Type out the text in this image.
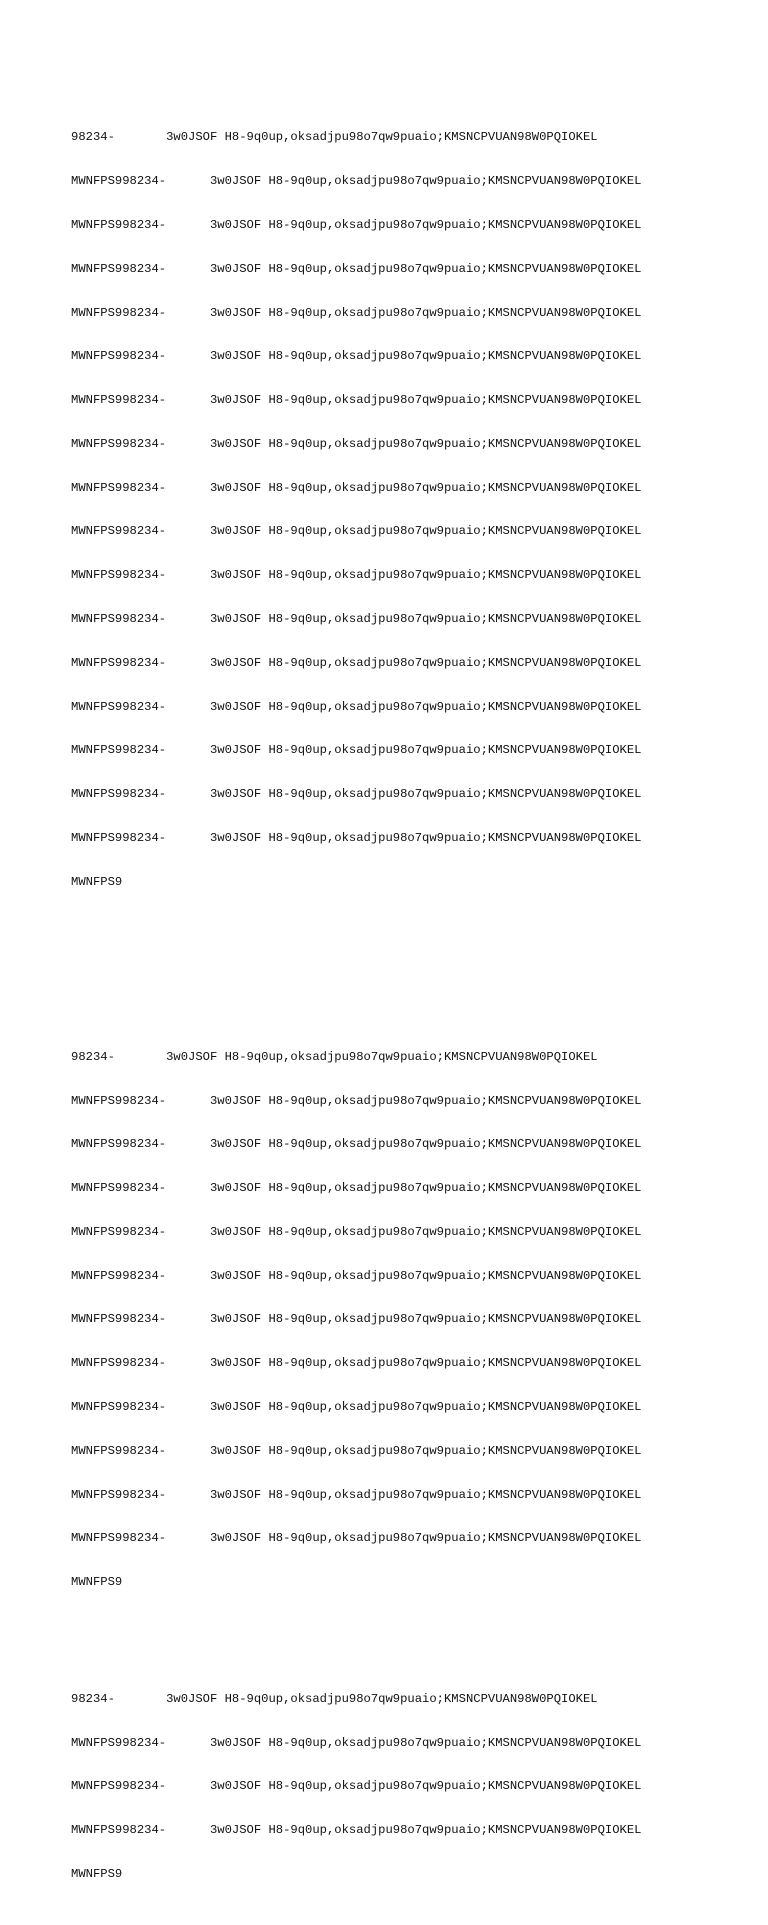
98234-       3w0JSOF H8-9q0up,oksadjpu98o7qw9puaio;KMSNCPVUAN98W0PQIOKEL

MWNFPS998234-      3w0JSOF H8-9q0up,oksadjpu98o7qw9puaio;KMSNCPVUAN98W0PQIOKEL

MWNFPS998234-      3w0JSOF H8-9q0up,oksadjpu98o7qw9puaio;KMSNCPVUAN98W0PQIOKEL

MWNFPS998234-      3w0JSOF H8-9q0up,oksadjpu98o7qw9puaio;KMSNCPVUAN98W0PQIOKEL

MWNFPS998234-      3w0JSOF H8-9q0up,oksadjpu98o7qw9puaio;KMSNCPVUAN98W0PQIOKEL

MWNFPS998234-      3w0JSOF H8-9q0up,oksadjpu98o7qw9puaio;KMSNCPVUAN98W0PQIOKEL

MWNFPS998234-      3w0JSOF H8-9q0up,oksadjpu98o7qw9puaio;KMSNCPVUAN98W0PQIOKEL

MWNFPS998234-      3w0JSOF H8-9q0up,oksadjpu98o7qw9puaio;KMSNCPVUAN98W0PQIOKEL

MWNFPS998234-      3w0JSOF H8-9q0up,oksadjpu98o7qw9puaio;KMSNCPVUAN98W0PQIOKEL

MWNFPS998234-      3w0JSOF H8-9q0up,oksadjpu98o7qw9puaio;KMSNCPVUAN98W0PQIOKEL

MWNFPS998234-      3w0JSOF H8-9q0up,oksadjpu98o7qw9puaio;KMSNCPVUAN98W0PQIOKEL

MWNFPS998234-      3w0JSOF H8-9q0up,oksadjpu98o7qw9puaio;KMSNCPVUAN98W0PQIOKEL

MWNFPS998234-      3w0JSOF H8-9q0up,oksadjpu98o7qw9puaio;KMSNCPVUAN98W0PQIOKEL

MWNFPS998234-      3w0JSOF H8-9q0up,oksadjpu98o7qw9puaio;KMSNCPVUAN98W0PQIOKEL

MWNFPS998234-      3w0JSOF H8-9q0up,oksadjpu98o7qw9puaio;KMSNCPVUAN98W0PQIOKEL

MWNFPS998234-      3w0JSOF H8-9q0up,oksadjpu98o7qw9puaio;KMSNCPVUAN98W0PQIOKEL

MWNFPS998234-      3w0JSOF H8-9q0up,oksadjpu98o7qw9puaio;KMSNCPVUAN98W0PQIOKEL

MWNFPS9

98234-       3w0JSOF H8-9q0up,oksadjpu98o7qw9puaio;KMSNCPVUAN98W0PQIOKEL

MWNFPS998234-      3w0JSOF H8-9q0up,oksadjpu98o7qw9puaio;KMSNCPVUAN98W0PQIOKEL

MWNFPS998234-      3w0JSOF H8-9q0up,oksadjpu98o7qw9puaio;KMSNCPVUAN98W0PQIOKEL

MWNFPS998234-      3w0JSOF H8-9q0up,oksadjpu98o7qw9puaio;KMSNCPVUAN98W0PQIOKEL

MWNFPS998234-      3w0JSOF H8-9q0up,oksadjpu98o7qw9puaio;KMSNCPVUAN98W0PQIOKEL

MWNFPS998234-      3w0JSOF H8-9q0up,oksadjpu98o7qw9puaio;KMSNCPVUAN98W0PQIOKEL

MWNFPS998234-      3w0JSOF H8-9q0up,oksadjpu98o7qw9puaio;KMSNCPVUAN98W0PQIOKEL

MWNFPS998234-      3w0JSOF H8-9q0up,oksadjpu98o7qw9puaio;KMSNCPVUAN98W0PQIOKEL

MWNFPS998234-      3w0JSOF H8-9q0up,oksadjpu98o7qw9puaio;KMSNCPVUAN98W0PQIOKEL

MWNFPS998234-      3w0JSOF H8-9q0up,oksadjpu98o7qw9puaio;KMSNCPVUAN98W0PQIOKEL

MWNFPS998234-      3w0JSOF H8-9q0up,oksadjpu98o7qw9puaio;KMSNCPVUAN98W0PQIOKEL

MWNFPS998234-      3w0JSOF H8-9q0up,oksadjpu98o7qw9puaio;KMSNCPVUAN98W0PQIOKEL

MWNFPS9

98234-       3w0JSOF H8-9q0up,oksadjpu98o7qw9puaio;KMSNCPVUAN98W0PQIOKEL

MWNFPS998234-      3w0JSOF H8-9q0up,oksadjpu98o7qw9puaio;KMSNCPVUAN98W0PQIOKEL

MWNFPS998234-      3w0JSOF H8-9q0up,oksadjpu98o7qw9puaio;KMSNCPVUAN98W0PQIOKEL

MWNFPS998234-      3w0JSOF H8-9q0up,oksadjpu98o7qw9puaio;KMSNCPVUAN98W0PQIOKEL

MWNFPS9
